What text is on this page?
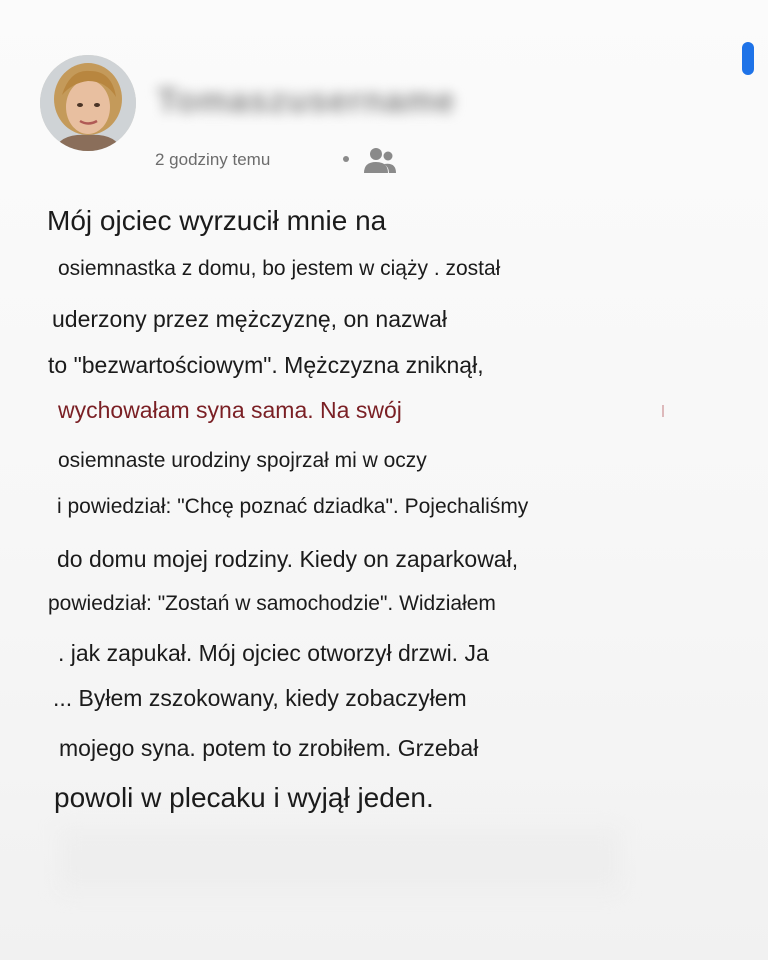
Tomaszusername
2 godziny temu
Mój ojciec wyrzucił mnie na
osiemnastka z domu, bo jestem w ciąży . został
uderzony przez mężczyznę, on nazwał
to "bezwartościowym". Mężczyzna zniknął,
wychowałam syna sama. Na swój
osiemnaste urodziny spojrzał mi w oczy
i powiedział: "Chcę poznać dziadka". Pojechaliśmy
do domu mojej rodziny. Kiedy on zaparkował,
powiedział: "Zostań w samochodzie". Widziałem
. jak zapukał. Mój ojciec otworzył drzwi. Ja
... Byłem zszokowany, kiedy zobaczyłem
mojego syna. potem to zrobiłem. Grzebał
powoli w plecaku i wyjął jeden.
